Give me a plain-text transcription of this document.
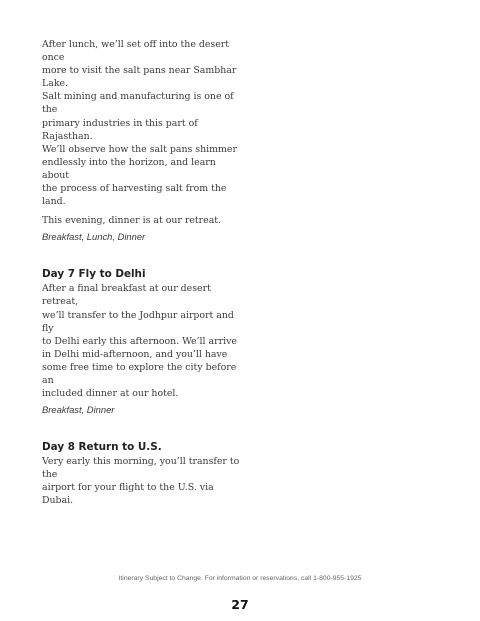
After lunch, we’ll set off into the desert once

more to visit the salt pans near Sambhar Lake.

Salt mining and manufacturing is one of the

primary industries in this part of Rajasthan.

We’ll observe how the salt pans shimmer

endlessly into the horizon, and learn about

the process of harvesting salt from the land.

This evening, dinner is at our retreat.

Breakfast, Lunch, Dinner

Day 7 Fly to Delhi

After a final breakfast at our desert retreat,

we’ll transfer to the Jodhpur airport and fly

to Delhi early this afternoon. We’ll arrive

in Delhi mid-afternoon, and you’ll have

some free time to explore the city before an

included dinner at our hotel.

Breakfast, Dinner

Day 8 Return to U.S.

Very early this morning, you’ll transfer to the

airport for your flight to the U.S. via Dubai.

Itinerary Subject to Change. For information or reservations, call 1-800-955-1925
27
